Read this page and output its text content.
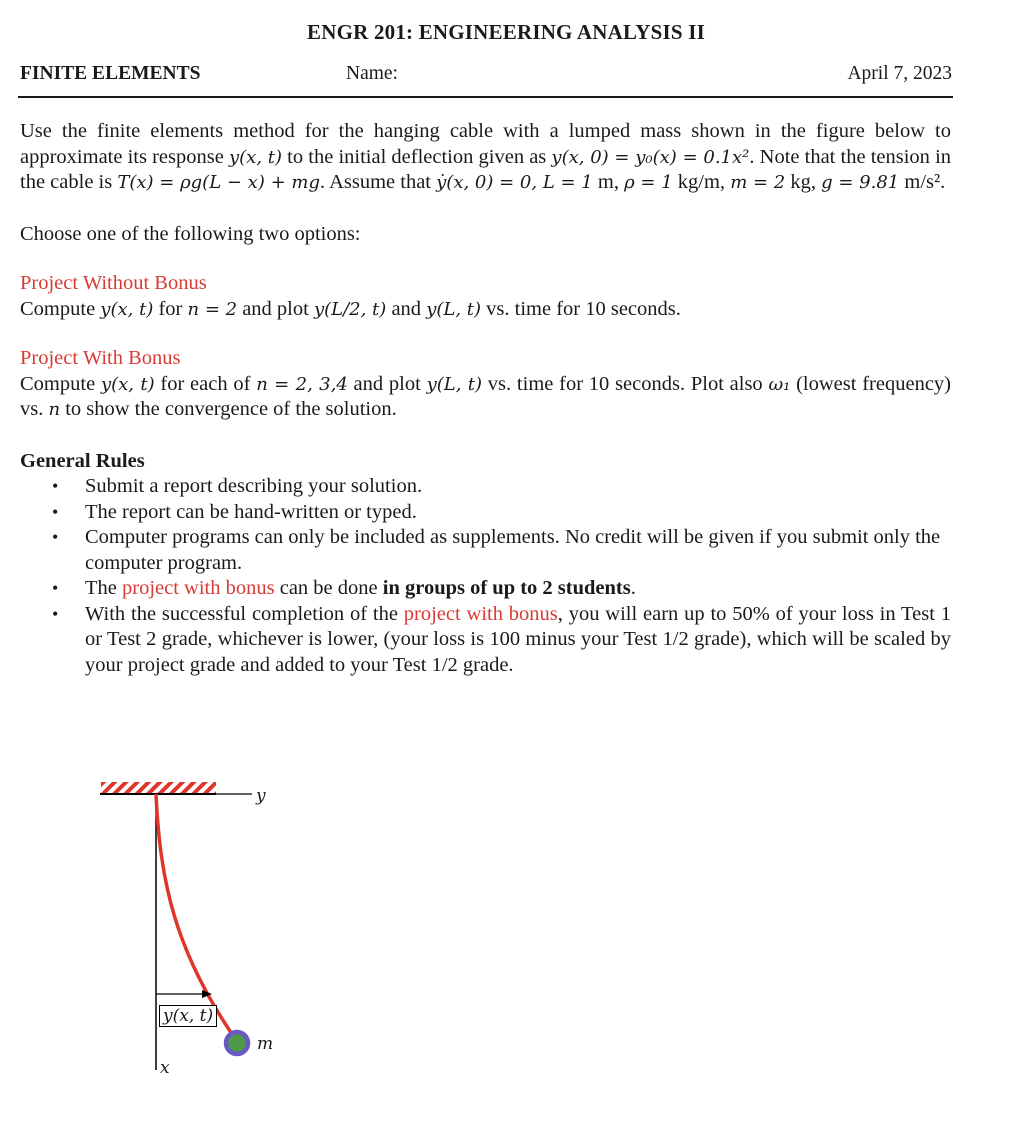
ENGR 201: ENGINEERING ANALYSIS II
FINITE ELEMENTS	Name:	April 7, 2023

Use the finite elements method for the hanging cable with a lumped mass shown in the figure below to approximate its response y(x, t) to the initial deflection given as y(x, 0) = y₀(x) = 0.1x². Note that the tension in the cable is T(x) = ρg(L − x) + mg. Assume that ẏ(x, 0) = 0, L = 1 m, ρ = 1 kg/m, m = 2 kg, g = 9.81 m/s².

Choose one of the following two options:

Project Without Bonus

Compute y(x, t) for n = 2 and plot y(L/2, t) and y(L, t) vs. time for 10 seconds.

Project With Bonus

Compute y(x, t) for each of n = 2, 3,4 and plot y(L, t) vs. time for 10 seconds. Plot also ω₁ (lowest frequency) vs. n to show the convergence of the solution.

General Rules

• Submit a report describing your solution.
• The report can be hand-written or typed.
• Computer programs can only be included as supplements. No credit will be given if you submit only the computer program.
• The project with bonus can be done in groups of up to 2 students.
• With the successful completion of the project with bonus, you will earn up to 50% of your loss in Test 1 or Test 2 grade, whichever is lower, (your loss is 100 minus your Test 1/2 grade), which will be scaled by your project grade and added to your Test 1/2 grade.
y
y(x, t)
m
x
